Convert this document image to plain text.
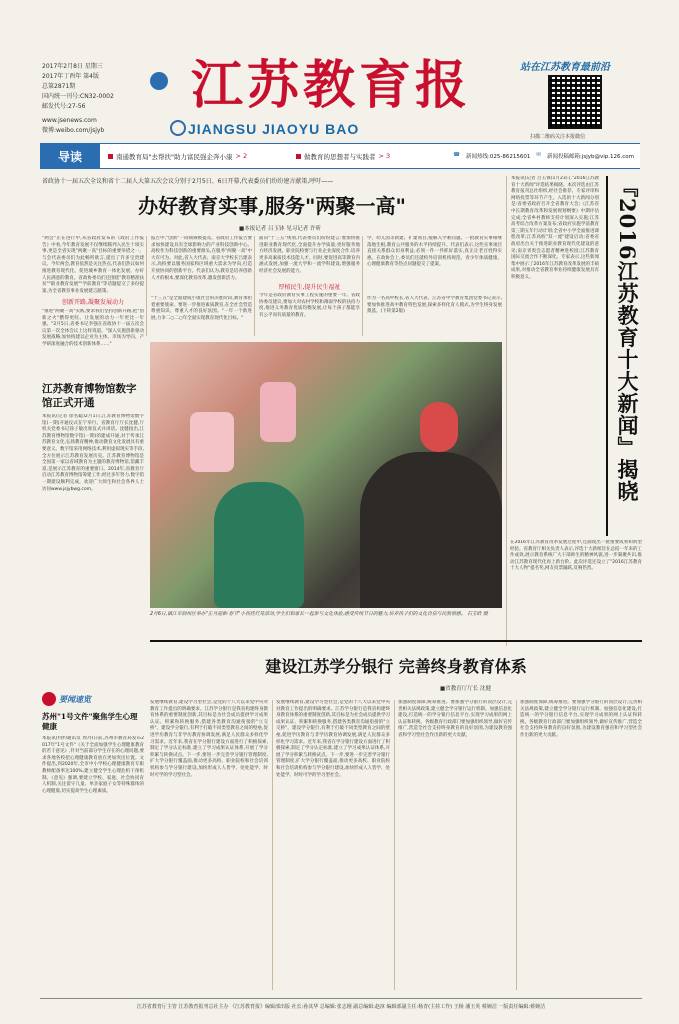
2017年2月8日 星期三
2017年丁酉年 第4版
总第2871期
国内统一刊号:CN32-0002
邮发代号:27-56
www.jsenews.com
微博:weibo.com/jsjyb
江苏教育报
JIANGSU JIAOYU BAO
站在江苏教育最前沿
扫描二维码关注本报微信
导读	南通教育局"去帮扶"助力富民强企奔小康 > 2	做教育的思想者与实践者 > 3	☎ 新闻热线:025-86215601 ✉ 新闻投稿邮箱:jsjyb@vip.126.com
省政协十一届五次全议和省十二届人大第五次会议分别于2月5日、6日开幕,代表委员们纷纷建言献策,呼吁——
办好教育实事,服务"两聚一高"
■本报记者 吕玉钵 见习记者 许昕
"两会"正在进行中,从省政府发布的《政府工作报告》中看,今年教育发展不仅继续瞄列入民生十项实事,更是全省实现"两聚一高"目标的重要举措之一。与会代表委员们为此畅所欲言,提出了许多宝贵建议。今年两会,教育依然是关注热点,代表们热议如何推进教育现代化、促进城乡教育一体化发展、办好人民满意的教育。省政协委员们还围绕"教育精准扶贫""职业教育发展""学前教育"等话题提交了多份提案,为全省教育事业发展建言献策。
创新开路,凝聚发展动力
"推进"两聚一高"实践,要求我们坚持创新开路,把"创新之火"燃得更旺。让发展的动力一年更比一年强。"2月5日,省委书记李强在省政协十一届五次会议第一次全体会议上这样说道。"深入实施创新驱动发展战略,加快构建以企业为主体、市场为导向、产学研深度融合的技术创新体系……"
报告中,"创新"一词频频被提及。省政府工作报告要求加快建设具有全球影响力的产业科技创新中心。高校作为科技创新的重要源头,在服务"两聚一高"中大有可为。对此,省人大代表、南京大学校长吕建表示,高校要以服务国家和区域重大需求为导向,打造开放协同的创新平台。代表们认为,教育是培养创新人才的根本,要深化教育改革,激发创新活力。
"十三五"是全面建成小康社会的决胜阶段,教育承担着重要使命。要进一步推进素质教育,在全社会营造尊重知识、尊重人才的良好氛围。"一年一个新进展,力争二○二○年全面实现教育现代化目标。"
面向"十三五"规划,代表委员们纷纷建言:要加快推进职业教育现代化,全面提升办学质量,更好服务地方经济发展。职业院校要与行业企业深度合作,培养更多高素质技术技能人才。同时,要促进高等教育内涵式发展,加强一流大学和一流学科建设,增强服务经济社会发展的能力。
厚植民生,提升民生福祉
今年是省政府教育实事工程实施的重要一年。省政协委员建议,要加大对农村学校和薄弱学校的扶持力度,推进义务教育优质均衡发展,让每个孩子都能享有公平而有质量的教育。
学、幼儿园等新建、扩建项目,缓解入学难问题。一批教育实事相继落地生根,教育公共服务的水平持续提升。代表们表示,这些实事项目直接关系群众切身利益,必须一件一件抓好落实,真正让老百姓得实惠。在政协会上,委员们还就校外培训机构规范、青少年体质健康、心理健康教育等热点问题提交了提案。
作为一名高中校长,省人大代表、江苏省中学教育集团党委书记表示,要加快推进高中教育特色发展,探索多样化育人模式,为学生终身发展奠基。(下转第2版)
江苏教育博物馆数字馆正式开通
本报讯(记者 徐名聪)2月1日,江苏教育博物馆数字馆(一期)开通仪式在宁举行。省教育厅厅长沈健,厅机关党委书记徐子敏出席仪式并讲话。沈健指出,江苏教育博物馆数字馆(一期)的建成开通,对于传承江苏教育文化,弘扬教育精神,推动教育文化发展具有重要意义。数字馆采用网络技术,利用虚拟现实等手段,全方位展示江苏教育发展历史。江苏教育博物馆是全国第一家以省域教育为主题的教育博物馆,馆藏丰富,是展示江苏教育的重要窗口。2014年,省教育厅启动江苏教育博物馆筹建工作,经过多年努力,数字馆一期建设顺利完成。欢迎广大师生和社会各界人士访问www.jsjybwg.com。
要闻速览
苏州"1号文件"聚焦学生心理健康
本报讯(特约通讯员 周丹)日前,苏州市教育局发布2017年"1号文件"《关于全面加强学生心理健康教育的若干意见》,针对当前部分学生存在的心理问题,要求各地各校把心理健康教育放在更加突出位置。文件提出,到2020年,全市中小学校心理健康教育专职教师配备率达100%,建立健全学生心理危机干预机制。《意见》强调,要建立学校、家庭、社会协同育人机制,关注留守儿童、单亲家庭子女等特殊群体的心理健康,切实提高学生心理素质。
2月6日,镇江市润州区举办"正月迎新·春节"小孩挂灯笼活动,学生们和家长一起参与文化体验,感受传统节日的魅力,培养孩子们的文化自信与民族情感。 石玉欧 摄
本报讯(记者 吕玉钵)1月23日,"2016江苏教育十大新闻"评选结果揭晓。本次评选由江苏教育报刊总社组织,经社会推荐、专家评审和网络投票等环节产生。入选的十大新闻分别是:省委省政府召开全省教育大会;《江苏省中长期教育改革和发展规划纲要》中期评估完成;全省乡村教师支持计划深入实施;江苏高考综合改革方案发布;省政府实施学前教育第三期五年行动计划;全省中小学全面推进课程改革;江苏高校"双一流"建设启动;省委省政府出台关于推进职业教育现代化建设的意见;南京青奥会志愿者精神进校园;江苏教育国际交流合作不断深化。专家表示,这些新闻集中展示了2016年江苏教育改革发展的丰硕成果,对推动全省教育事业持续健康发展具有积极意义。	『2016江苏教育十大新闻』揭晓
在2016年江苏教育改革发展过程中,还涌现出一批重要成果和典型经验。省教育厅相关负责人表示,评选十大新闻旨在总结一年来的工作成效,展示教育系统广大干部师生的精神风貌,进一步凝聚共识,推动江苏教育现代化再上新台阶。此次评选还设立了"2016江苏教育十大人物"提名奖,网友投票踊跃,反响热烈。
建设江苏学分银行 完善终身教育体系
■省教育厅厅长 沈健
发展继续教育,建设学习型社会,是党的十八大以来党中央对教育工作提出的明确要求。江苏学分银行是我省构建终身教育体系的重要制度创新,其目标是为社会成员提供学习成果认证、积累和转换服务,搭建各类教育沟通衔接的"立交桥"。建设学分银行,有利于打破不同类型教育之间的壁垒,促进学历教育与非学历教育协调发展,满足人民群众多样化学习需求。近年来,我省在学分银行建设方面进行了积极探索,制定了学分认定标准,建立了学习成果认证体系,开展了学分积累与转换试点。下一步,要进一步完善学分银行管理制度,扩大学分银行覆盖面,推动更多高校、职业院校和社会培训机构参与学分银行建设,加快形成人人皆学、处处能学、时时可学的学习型社会。
发展继续教育,建设学习型社会,是党的十八大以来党中央对教育工作提出的明确要求。江苏学分银行是我省构建终身教育体系的重要制度创新,其目标是为社会成员提供学习成果认证、积累和转换服务,搭建各类教育沟通衔接的"立交桥"。建设学分银行,有利于打破不同类型教育之间的壁垒,促进学历教育与非学历教育协调发展,满足人民群众多样化学习需求。近年来,我省在学分银行建设方面进行了积极探索,制定了学分认定标准,建立了学习成果认证体系,开展了学分积累与转换试点。下一步,要进一步完善学分银行管理制度,扩大学分银行覆盖面,推动更多高校、职业院校和社会培训机构参与学分银行建设,加快形成人人皆学、处处能学、时时可学的学习型社会。
加强制度保障,统筹推进。要加强学分银行的顶层设计,完善相关法规政策,建立健全学分银行运行机制。加强信息化建设,打造统一的学分银行信息平台,实现学习成果的网上认证和转换。各级教育行政部门要加强组织领导,做好宣传推广,营造全社会支持终身教育的良好氛围,为建设教育强省和学习型社会作出新的更大贡献。
加强制度保障,统筹推进。要加强学分银行的顶层设计,完善相关法规政策,建立健全学分银行运行机制。加强信息化建设,打造统一的学分银行信息平台,实现学习成果的网上认证和转换。各级教育行政部门要加强组织领导,做好宣传推广,营造全社会支持终身教育的良好氛围,为建设教育强省和学习型社会作出新的更大贡献。
江苏省教育厅主管 江苏教育报刊总社主办 《江苏教育报》编辑部出版 社长:孙其华 总编辑:张志刚 副总编辑:赵淳 编辑部副主任:杨青(主持工作) 王杨 潘玉英 蔡婉洁 一版责任编辑:蔡婉洁
